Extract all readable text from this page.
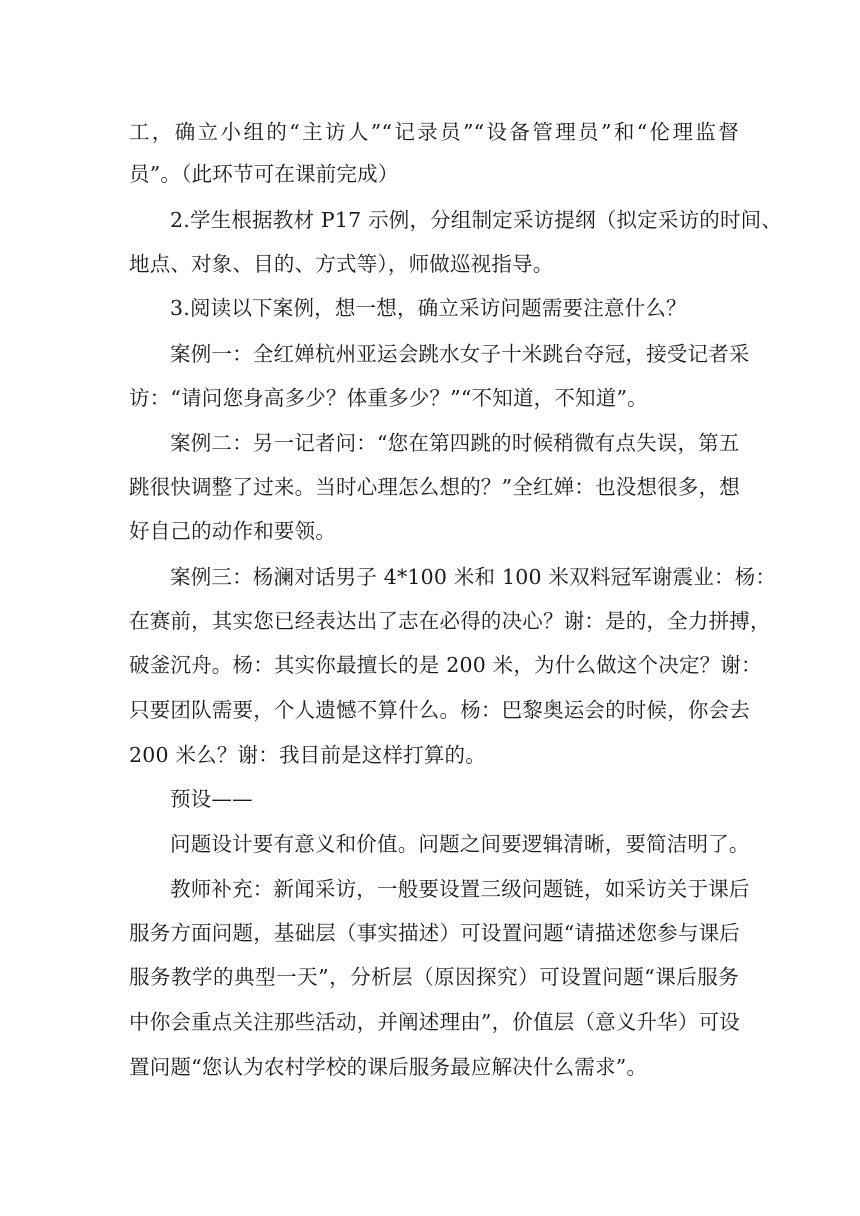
工，确立小组的“主访人”“记录员”“设备管理员”和“伦理监督
员”。（此环节可在课前完成）
2.学生根据教材 P17 示例，分组制定采访提纲（拟定采访的时间、
地点、对象、目的、方式等），师做巡视指导。
3.阅读以下案例，想一想，确立采访问题需要注意什么？
案例一：全红婵杭州亚运会跳水女子十米跳台夺冠，接受记者采
访：“请问您身高多少？体重多少？”“不知道，不知道”。
案例二：另一记者问：“您在第四跳的时候稍微有点失误，第五
跳很快调整了过来。当时心理怎么想的？”全红婵：也没想很多，想
好自己的动作和要领。
案例三：杨澜对话男子 4*100 米和 100 米双料冠军谢震业：杨：
在赛前，其实您已经表达出了志在必得的决心？谢：是的，全力拼搏，
破釜沉舟。杨：其实你最擅长的是 200 米，为什么做这个决定？谢：
只要团队需要，个人遗憾不算什么。杨：巴黎奥运会的时候，你会去
200 米么？谢：我目前是这样打算的。
预设——
问题设计要有意义和价值。问题之间要逻辑清晰，要简洁明了。
教师补充：新闻采访，一般要设置三级问题链，如采访关于课后
服务方面问题，基础层（事实描述）可设置问题“请描述您参与课后
服务教学的典型一天”，分析层（原因探究）可设置问题“课后服务
中你会重点关注那些活动，并阐述理由”，价值层（意义升华）可设
置问题“您认为农村学校的课后服务最应解决什么需求”。
